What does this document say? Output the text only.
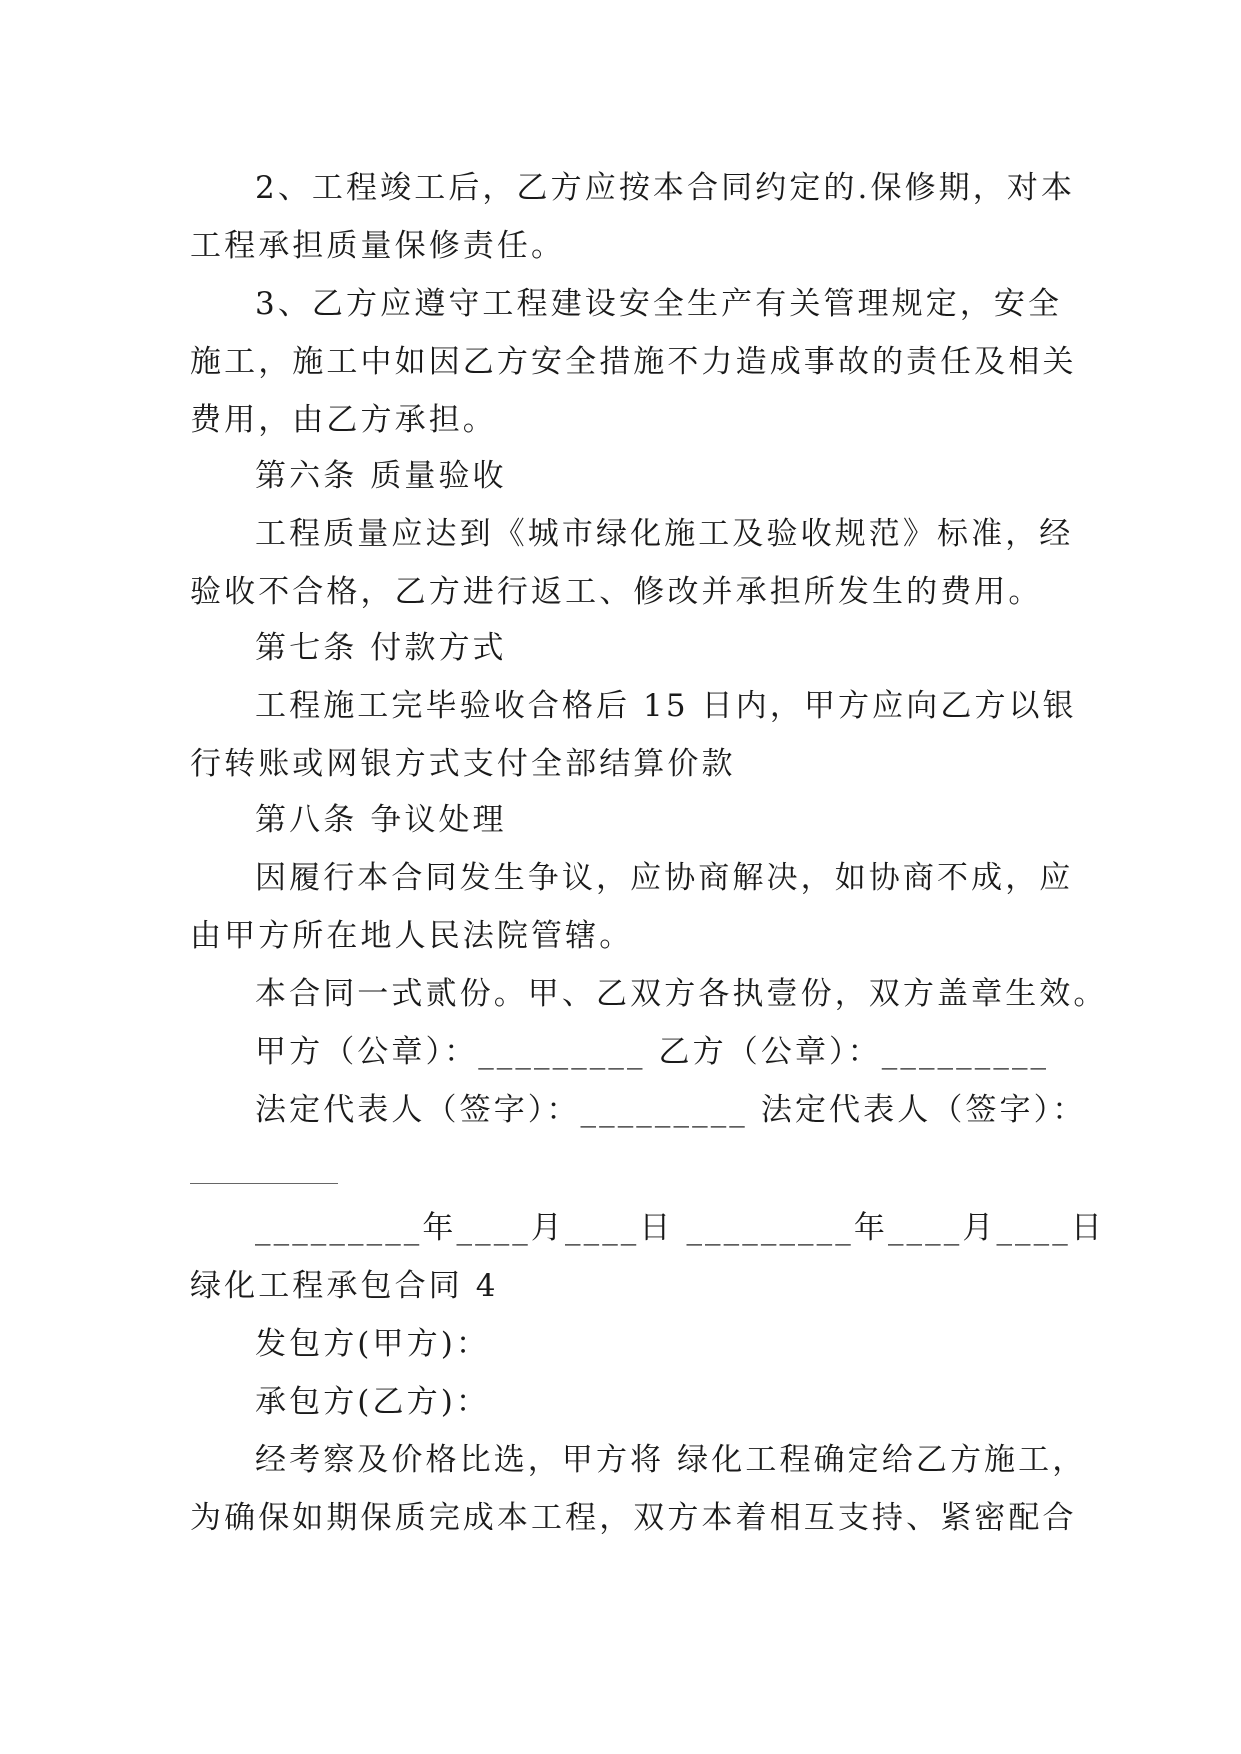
2、工程竣工后，乙方应按本合同约定的.保修期，对本
工程承担质量保修责任。
3、乙方应遵守工程建设安全生产有关管理规定，安全
施工，施工中如因乙方安全措施不力造成事故的责任及相关
费用，由乙方承担。
第六条 质量验收
工程质量应达到《城市绿化施工及验收规范》标准，经
验收不合格，乙方进行返工、修改并承担所发生的费用。
第七条 付款方式
工程施工完毕验收合格后 15 日内，甲方应向乙方以银
行转账或网银方式支付全部结算价款
第八条 争议处理
因履行本合同发生争议，应协商解决，如协商不成，应
由甲方所在地人民法院管辖。
本合同一式贰份。甲、乙双方各执壹份，双方盖章生效。
甲方（公章）：_________ 乙方（公章）：_________
法定代表人（签字）：_________ 法定代表人（签字）：
_________年____月____日 _________年____月____日
绿化工程承包合同 4
发包方(甲方)：
承包方(乙方)：
经考察及价格比选，甲方将 绿化工程确定给乙方施工，
为确保如期保质完成本工程，双方本着相互支持、紧密配合
